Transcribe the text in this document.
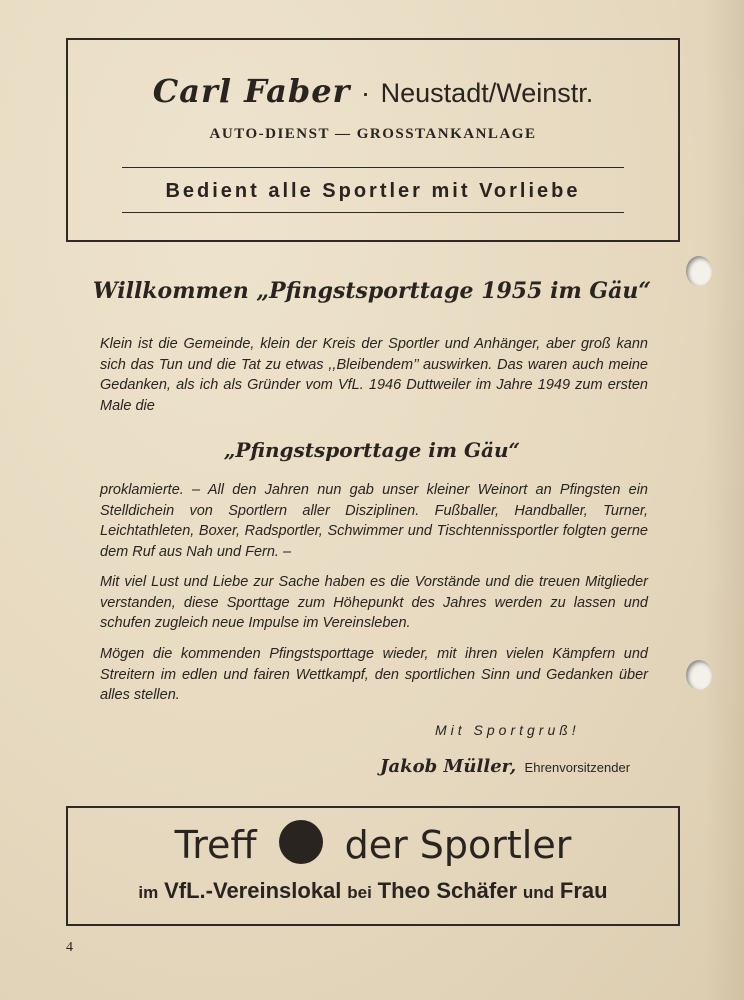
Carl Faber · Neustadt/Weinstr.
AUTO-DIENST — GROSSTANKANLAGE
Bedient alle Sportler mit Vorliebe
Willkommen „Pfingstsporttage 1955 im Gäu“
Klein ist die Gemeinde, klein der Kreis der Sportler und Anhänger, aber groß kann sich das Tun und die Tat zu etwas ,,Bleibendem’’ auswirken. Das waren auch meine Gedanken, als ich als Gründer vom VfL. 1946 Duttweiler im Jahre 1949 zum ersten Male die
„Pfingstsporttage im Gäu“
proklamierte. – All den Jahren nun gab unser kleiner Weinort an Pfingsten ein Stelldichein von Sportlern aller Disziplinen. Fußballer, Handballer, Turner, Leichtathleten, Boxer, Radsportler, Schwimmer und Tischtennissportler folgten gerne dem Ruf aus Nah und Fern. –
Mit viel Lust und Liebe zur Sache haben es die Vorstände und die treuen Mitglieder verstanden, diese Sporttage zum Höhepunkt des Jahres werden zu lassen und schufen zugleich neue Impulse im Vereinsleben.
Mögen die kommenden Pfingstsporttage wieder, mit ihren vielen Kämpfern und Streitern im edlen und fairen Wettkampf, den sportlichen Sinn und Gedanken über alles stellen.
Mit Sportgruß!
Jakob Müller, Ehrenvorsitzender
Treff der Sportler
im VfL.-Vereinslokal bei Theo Schäfer und Frau
4
